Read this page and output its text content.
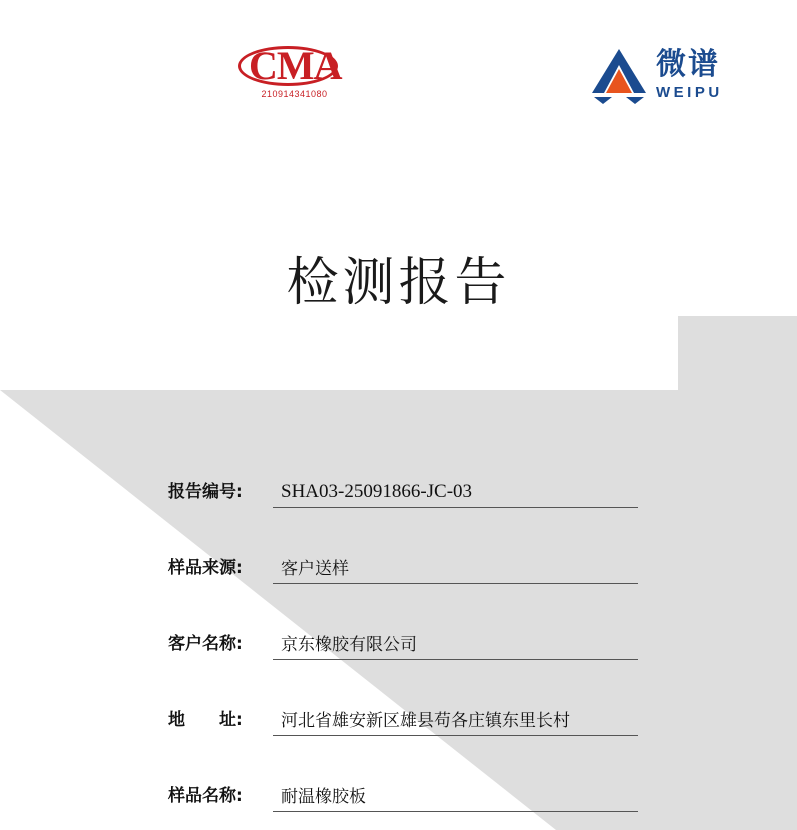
CMA
210914341080
微谱
WEIPU
检测报告
报告编号:	SHA03-25091866-JC-03
样品来源:	客户送样
客户名称:	京东橡胶有限公司
地　　址:	河北省雄安新区雄县苟各庄镇东里长村
样品名称:	耐温橡胶板
